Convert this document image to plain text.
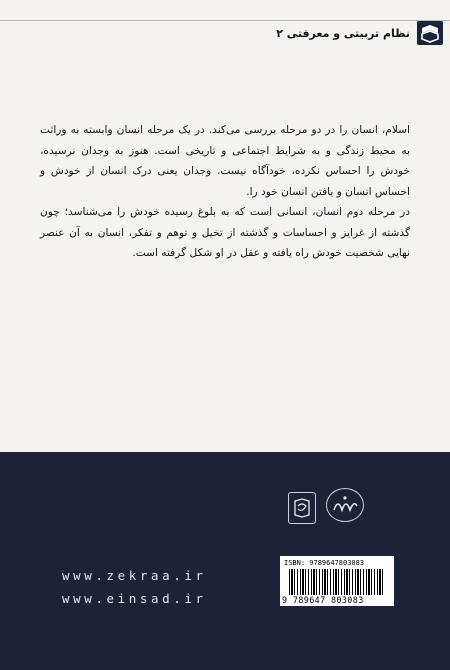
نظام تربیتی و معرفتی ۲

اسلام، انسان را در دو مرحله بررسی می‌کند. در یک مرحله انسان وابسته به وراثت به محیط زندگی و به شرایط اجتماعی و تاریخی است. هنوز به وجدان نرسیده، خودش را احساس نکرده، خودآگاه نیست. وجدان یعنی درک انسان از خودش و احساس انسان و یافتن انسان خود را.

در مرحله دوم انسان، انسانی است که به بلوغ رسیده خودش را می‌شناسد؛ چون گذشته از غرایز و احساسات و گذشته از تخیل و توهم و تفکر، انسان به آن عنصر نهایی شخصیت خودش راه یافته و عقل در او شکل گرفته است.

www.zekraa.ir
www.einsad.ir
ISBN: 978964780308З
9 789647 803083
